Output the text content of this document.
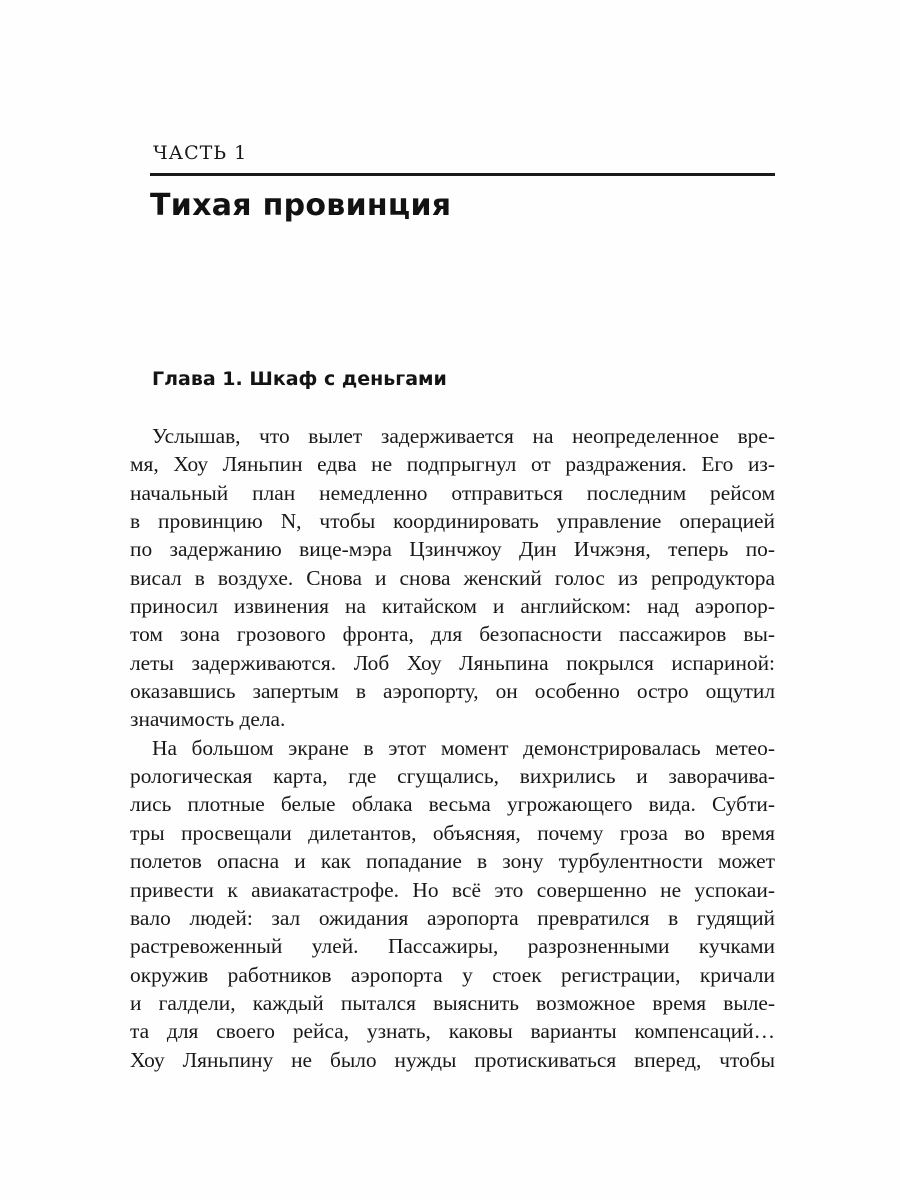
ЧАСТЬ 1
Тихая провинция
Глава 1. Шкаф с деньгами
Услышав, что вылет задерживается на неопределенное вре-
мя, Хоу Ляньпин едва не подпрыгнул от раздражения. Его из-
начальный план немедленно отправиться последним рейсом
в провинцию N, чтобы координировать управление операцией
по задержанию вице-мэра Цзинчжоу Дин Ичжэня, теперь по-
висал в воздухе. Снова и снова женский голос из репродуктора
приносил извинения на китайском и английском: над аэропор-
том зона грозового фронта, для безопасности пассажиров вы-
леты задерживаются. Лоб Хоу Ляньпина покрылся испариной:
оказавшись запертым в аэропорту, он особенно остро ощутил
значимость дела.
На большом экране в этот момент демонстрировалась метео-
рологическая карта, где сгущались, вихрились и заворачива-
лись плотные белые облака весьма угрожающего вида. Субти-
тры просвещали дилетантов, объясняя, почему гроза во время
полетов опасна и как попадание в зону турбулентности может
привести к авиакатастрофе. Но всё это совершенно не успокаи-
вало людей: зал ожидания аэропорта превратился в гудящий
растревоженный улей. Пассажиры, разрозненными кучками
окружив работников аэропорта у стоек регистрации, кричали
и галдели, каждый пытался выяснить возможное время выле-
та для своего рейса, узнать, каковы варианты компенсаций…
Хоу Ляньпину не было нужды протискиваться вперед, чтобы
